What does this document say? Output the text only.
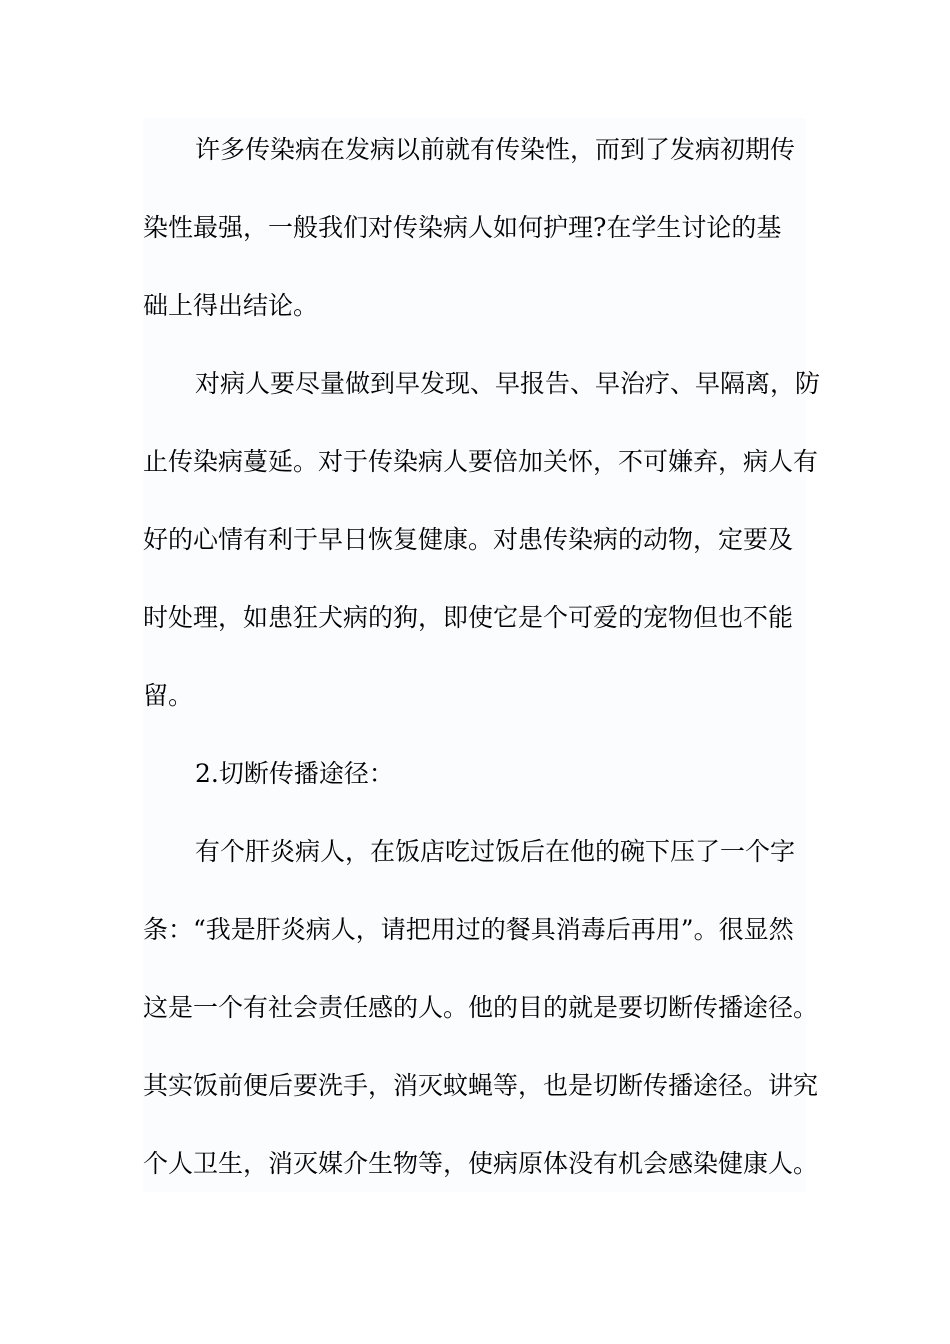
许多传染病在发病以前就有传染性，而到了发病初期传
染性最强，一般我们对传染病人如何护理?在学生讨论的基
础上得出结论。
对病人要尽量做到早发现、早报告、早治疗、早隔离，防
止传染病蔓延。对于传染病人要倍加关怀，不可嫌弃，病人有
好的心情有利于早日恢复健康。对患传染病的动物，定要及
时处理，如患狂犬病的狗，即使它是个可爱的宠物但也不能
留。
2.切断传播途径：
有个肝炎病人，在饭店吃过饭后在他的碗下压了一个字
条：“我是肝炎病人，请把用过的餐具消毒后再用”。很显然
这是一个有社会责任感的人。他的目的就是要切断传播途径。
其实饭前便后要洗手，消灭蚊蝇等，也是切断传播途径。讲究
个人卫生，消灭媒介生物等，使病原体没有机会感染健康人。
